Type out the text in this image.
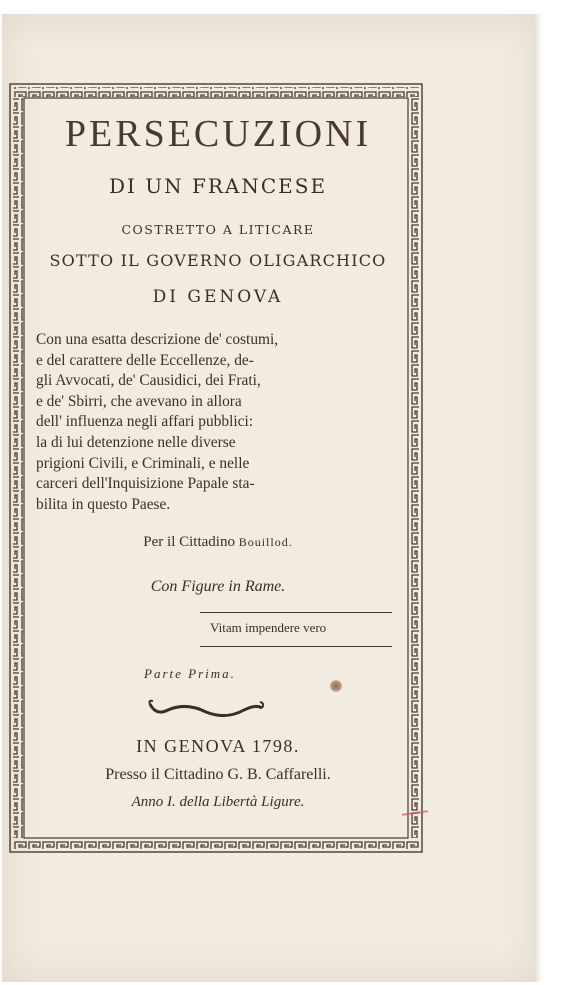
PERSECUZIONI
DI UN FRANCESE
COSTRETTO A LITICARE
SOTTO IL GOVERNO OLIGARCHICO
DI GENOVA
Con una esatta descrizione de' costumi,
e del carattere delle Eccellenze, de-
gli Avvocati, de' Causidici, dei Frati,
e de' Sbirri, che avevano in allora
dell' influenza negli affari pubblici:
la di lui detenzione nelle diverse
prigioni Civili, e Criminali, e nelle
carceri dell'Inquisizione Papale sta-
bilita in questo Paese.
Per il Cittadino Bouillod.
Con Figure in Rame.
Vitam impendere vero
Parte Prima.
IN GENOVA 1798.
Presso il Cittadino G. B. Caffarelli.
Anno I. della Libertà Ligure.
